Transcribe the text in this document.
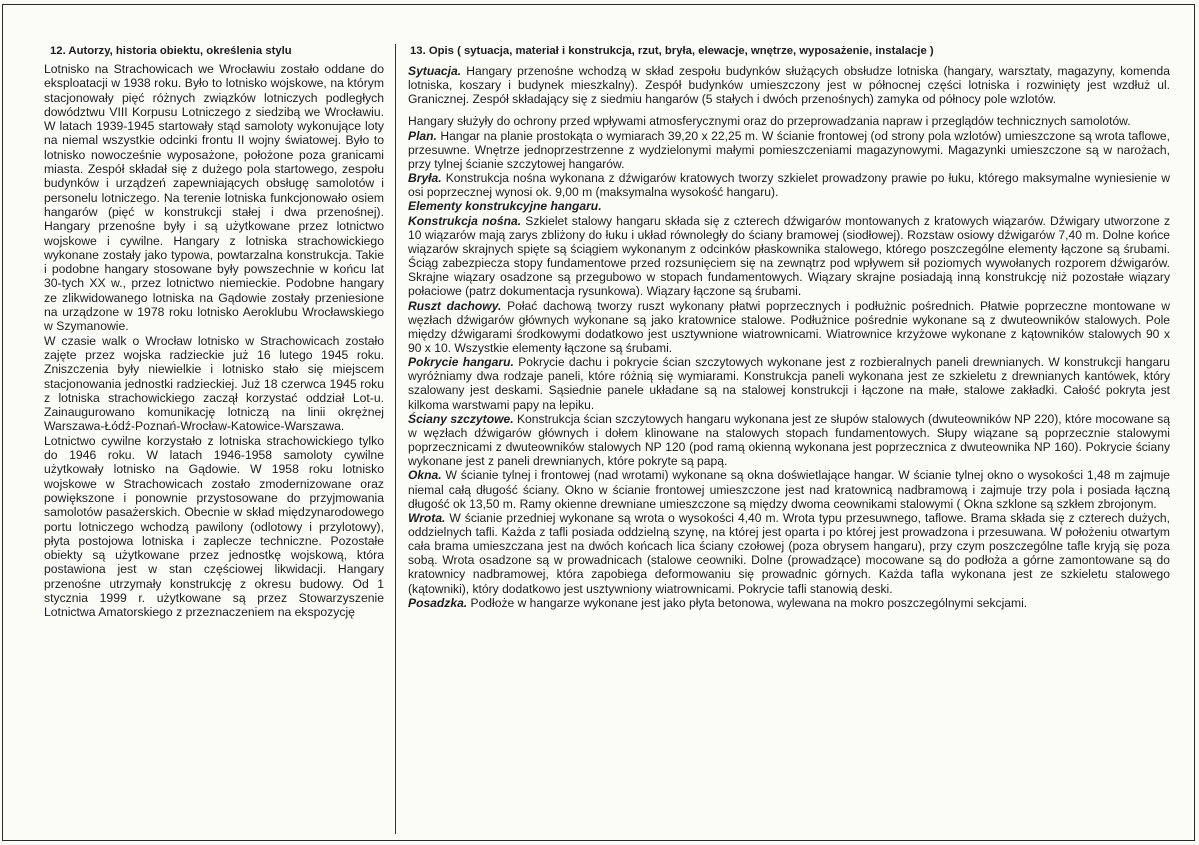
12. Autorzy, historia obiektu, określenia stylu

Lotnisko na Strachowicach we Wrocławiu zostało oddane do eksploatacji w 1938 roku. Było to lotnisko wojskowe, na którym stacjonowały pięć różnych związków lotniczych podległych dowództwu VIII Korpusu Lotniczego z siedzibą we Wrocławiu. W latach 1939-1945 startowały stąd samoloty wykonujące loty na niemal wszystkie odcinki frontu II wojny światowej. Było to lotnisko nowocześnie wyposażone, położone poza granicami miasta. Zespół składał się z dużego pola startowego, zespołu budynków i urządzeń zapewniających obsługę samolotów i personelu lotniczego. Na terenie lotniska funkcjonowało osiem hangarów (pięć w konstrukcji stałej i dwa przenośnej). Hangary przenośne były i są użytkowane przez lotnictwo wojskowe i cywilne. Hangary z lotniska strachowickiego wykonane zostały jako typowa, powtarzalna konstrukcja. Takie i podobne hangary stosowane były powszechnie w końcu lat 30-tych XX w., przez lotnictwo niemieckie. Podobne hangary ze zlikwidowanego lotniska na Gądowie zostały przeniesione na urządzone w 1978 roku lotnisko Aeroklubu Wrocławskiego w Szymanowie.

W czasie walk o Wrocław lotnisko w Strachowicach zostało zajęte przez wojska radzieckie już 16 lutego 1945 roku. Zniszczenia były niewielkie i lotnisko stało się miejscem stacjonowania jednostki radzieckiej. Już 18 czerwca 1945 roku z lotniska strachowickiego zaczął korzystać oddział Lot-u. Zainaugurowano komunikację lotniczą na linii okrężnej Warszawa-Łódź-Poznań-Wrocław-Katowice-Warszawa. Lotnictwo cywilne korzystało z lotniska strachowickiego tylko do 1946 roku. W latach 1946-1958 samoloty cywilne użytkowały lotnisko na Gądowie. W 1958 roku lotnisko wojskowe w Strachowicach zostało zmodernizowane oraz powiększone i ponownie przystosowane do przyjmowania samolotów pasażerskich. Obecnie w skład międzynarodowego portu lotniczego wchodzą pawilony (odlotowy i przylotowy), płyta postojowa lotniska i zaplecze techniczne. Pozostałe obiekty są użytkowane przez jednostkę wojskową, która postawiona jest w stan częściowej likwidacji. Hangary przenośne utrzymały konstrukcję z okresu budowy. Od 1 stycznia 1999 r. użytkowane są przez Stowarzyszenie Lotnictwa Amatorskiego z przeznaczeniem na ekspozycję

13. Opis ( sytuacja, materiał i konstrukcja, rzut, bryła, elewacje, wnętrze, wyposażenie, instalacje )

Sytuacja. Hangary przenośne wchodzą w skład zespołu budynków służących obsłudze lotniska (hangary, warsztaty, magazyny, komenda lotniska, koszary i budynek mieszkalny). Zespół budynków umieszczony jest w północnej części lotniska i rozwinięty jest wzdłuż ul. Granicznej. Zespół składający się z siedmiu hangarów (5 stałych i dwóch przenośnych) zamyka od północy pole wzlotów.

Hangary służyły do ochrony przed wpływami atmosferycznymi oraz do przeprowadzania napraw i przeglądów technicznych samolotów.

Plan. Hangar na planie prostokąta o wymiarach 39,20 x 22,25 m. W ścianie frontowej (od strony pola wzlotów) umieszczone są wrota taflowe, przesuwne. Wnętrze jednoprzestrzenne z wydzielonymi małymi pomieszczeniami magazynowymi. Magazynki umieszczone są w narożach, przy tylnej ścianie szczytowej hangarów.

Bryła. Konstrukcja nośna wykonana z dźwigarów kratowych tworzy szkielet prowadzony prawie po łuku, którego maksymalne wyniesienie w osi poprzecznej wynosi ok. 9,00 m (maksymalna wysokość hangaru).

Elementy konstrukcyjne hangaru.

Konstrukcja nośna. Szkielet stalowy hangaru składa się z czterech dźwigarów montowanych z kratowych wiązarów. Dźwigary utworzone z 10 wiązarów mają zarys zbliżony do łuku i układ równoległy do ściany bramowej (siodłowej). Rozstaw osiowy dźwigarów 7,40 m. Dolne końce wiązarów skrajnych spięte są ściągiem wykonanym z odcinków płaskownika stalowego, którego poszczególne elementy łączone są śrubami. Ściąg zabezpiecza stopy fundamentowe przed rozsunięciem się na zewnątrz pod wpływem sił poziomych wywołanych rozporem dźwigarów. Skrajne wiązary osadzone są przegubowo w stopach fundamentowych. Wiązary skrajne posiadają inną konstrukcję niż pozostałe wiązary połaciowe (patrz dokumentacja rysunkowa). Wiązary łączone są śrubami.

Ruszt dachowy. Połać dachową tworzy ruszt wykonany płatwi poprzecznych i podłużnic pośrednich. Płatwie poprzeczne montowane w węzłach dźwigarów głównych wykonane są jako kratownice stalowe. Podłużnice pośrednie wykonane są z dwuteowników stalowych. Pole między dźwigarami środkowymi dodatkowo jest usztywnione wiatrownicami. Wiatrownice krzyżowe wykonane z kątowników stalowych 90 x 90 x 10. Wszystkie elementy łączone są śrubami.

Pokrycie hangaru. Pokrycie dachu i pokrycie ścian szczytowych wykonane jest z rozbieralnych paneli drewnianych. W konstrukcji hangaru wyróżniamy dwa rodzaje paneli, które różnią się wymiarami. Konstrukcja paneli wykonana jest ze szkieletu z drewnianych kantówek, który szalowany jest deskami. Sąsiednie panele układane są na stalowej konstrukcji i łączone na małe, stalowe zakładki. Całość pokryta jest kilkoma warstwami papy na lepiku.

Ściany szczytowe. Konstrukcja ścian szczytowych hangaru wykonana jest ze słupów stalowych (dwuteowników NP 220), które mocowane są w węzłach dźwigarów głównych i dołem klinowane na stalowych stopach fundamentowych. Słupy wiązane są poprzecznie stalowymi poprzecznicami z dwuteowników stalowych NP 120 (pod ramą okienną wykonana jest poprzecznica z dwuteownika NP 160). Pokrycie ściany wykonane jest z paneli drewnianych, które pokryte są papą.

Okna. W ścianie tylnej i frontowej (nad wrotami) wykonane są okna doświetlające hangar. W ścianie tylnej okno o wysokości 1,48 m zajmuje niemal całą długość ściany. Okno w ścianie frontowej umieszczone jest nad kratownicą nadbramową i zajmuje trzy pola i posiada łączną długość ok 13,50 m. Ramy okienne drewniane umieszczone są między dwoma ceownikami stalowymi ( Okna szklone są szkłem zbrojonym.

Wrota. W ścianie przedniej wykonane są wrota o wysokości 4,40 m. Wrota typu przesuwnego, taflowe. Brama składa się z czterech dużych, oddzielnych tafli. Każda z tafli posiada oddzielną szynę, na której jest oparta i po której jest prowadzona i przesuwana. W położeniu otwartym cała brama umieszczana jest na dwóch końcach lica ściany czołowej (poza obrysem hangaru), przy czym poszczególne tafle kryją się poza sobą. Wrota osadzone są w prowadnicach (stalowe ceowniki. Dolne (prowadzące) mocowane są do podłoża a górne zamontowane są do kratownicy nadbramowej, która zapobiega deformowaniu się prowadnic górnych. Każda tafla wykonana jest ze szkieletu stalowego (kątowniki), który dodatkowo jest usztywniony wiatrownicami. Pokrycie tafli stanowią deski.

Posadzka. Podłoże w hangarze wykonane jest jako płyta betonowa, wylewana na mokro poszczególnymi sekcjami.
